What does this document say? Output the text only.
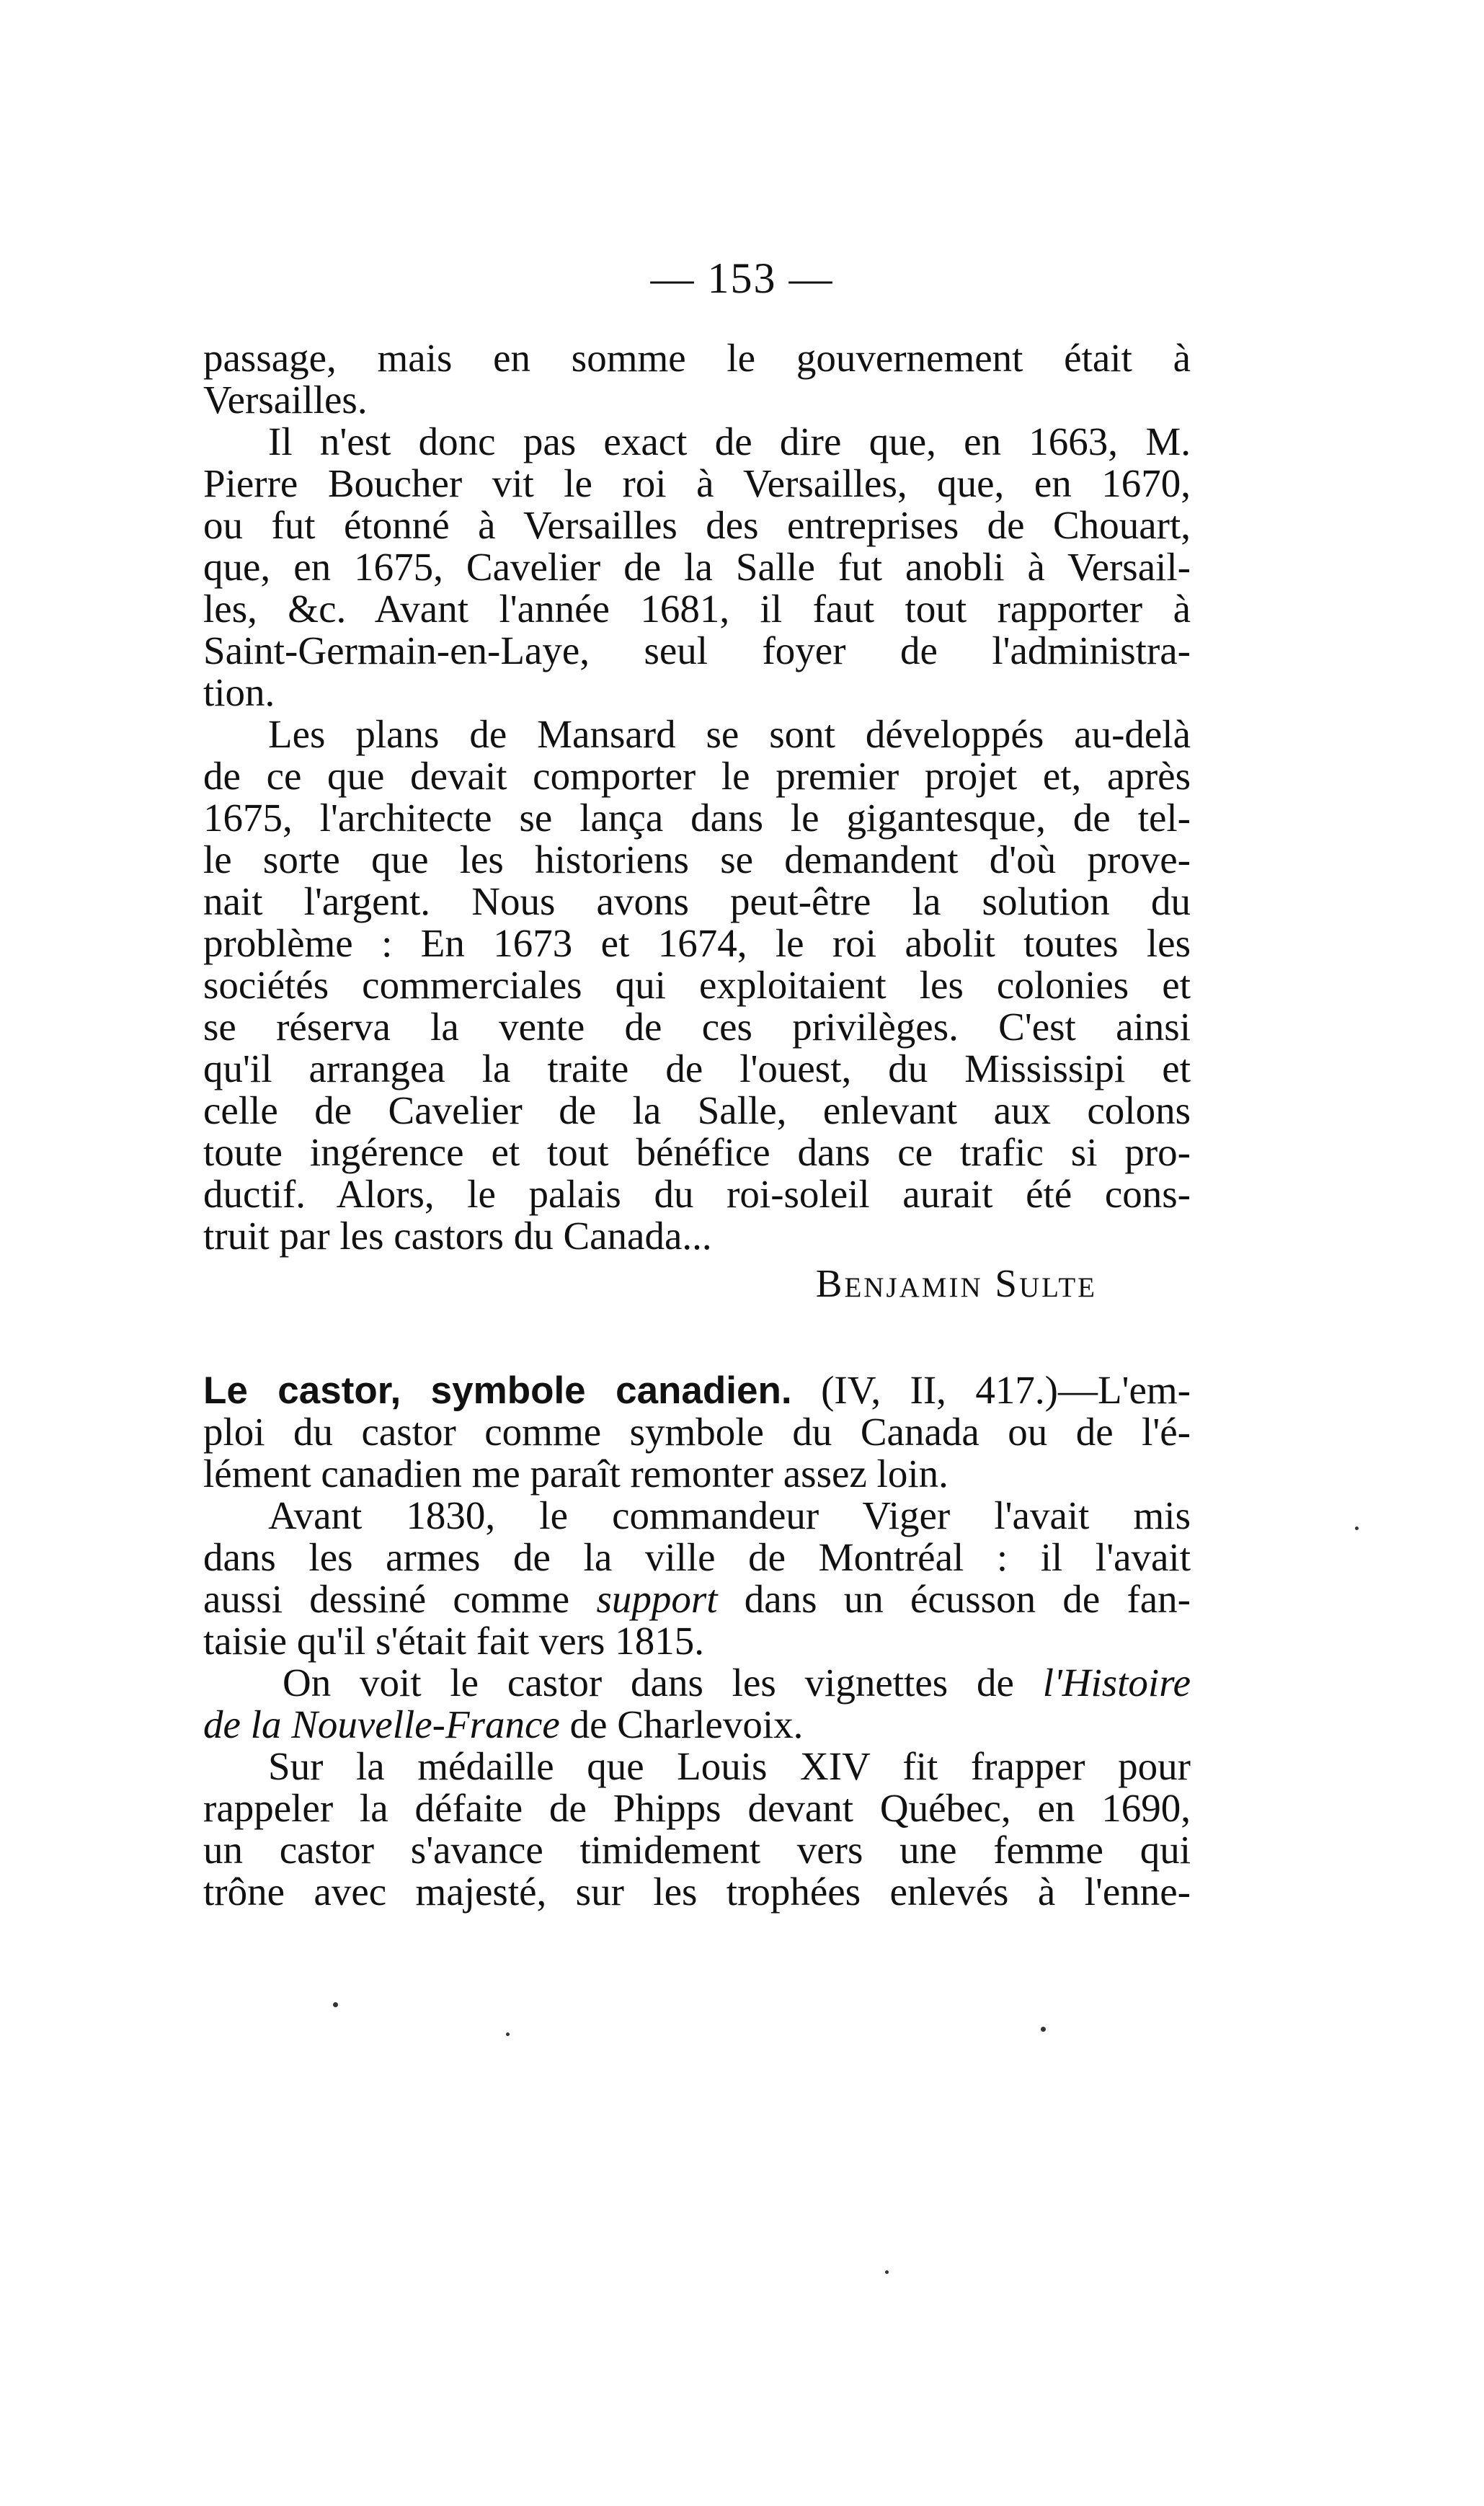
— 153 —
passage, mais en somme le gouvernement était à
Versailles.
Il n'est donc pas exact de dire que, en 1663, M.
Pierre Boucher vit le roi à Versailles, que, en 1670,
ou fut étonné à Versailles des entreprises de Chouart,
que, en 1675, Cavelier de la Salle fut anobli à Versail-
les, &c. Avant l'année 1681, il faut tout rapporter à
Saint-Germain-en-Laye, seul foyer de l'administra-
tion.
Les plans de Mansard se sont développés au-delà
de ce que devait comporter le premier projet et, après
1675, l'architecte se lança dans le gigantesque, de tel-
le sorte que les historiens se demandent d'où prove-
nait l'argent. Nous avons peut-être la solution du
problème : En 1673 et 1674, le roi abolit toutes les
sociétés commerciales qui exploitaient les colonies et
se réserva la vente de ces privilèges. C'est ainsi
qu'il arrangea la traite de l'ouest, du Mississipi et
celle de Cavelier de la Salle, enlevant aux colons
toute ingérence et tout bénéfice dans ce trafic si pro-
ductif. Alors, le palais du roi-soleil aurait été cons-
truit par les castors du Canada...
Benjamin Sulte
Le castor, symbole canadien. (IV, II, 417.)—L'em-
ploi du castor comme symbole du Canada ou de l'é-
lément canadien me paraît remonter assez loin.
Avant 1830, le commandeur Viger l'avait mis
dans les armes de la ville de Montréal : il l'avait
aussi dessiné comme support dans un écusson de fan-
taisie qu'il s'était fait vers 1815.
On voit le castor dans les vignettes de l'Histoire
de la Nouvelle-France de Charlevoix.
Sur la médaille que Louis XIV fit frapper pour
rappeler la défaite de Phipps devant Québec, en 1690,
un castor s'avance timidement vers une femme qui
trône avec majesté, sur les trophées enlevés à l'enne-
